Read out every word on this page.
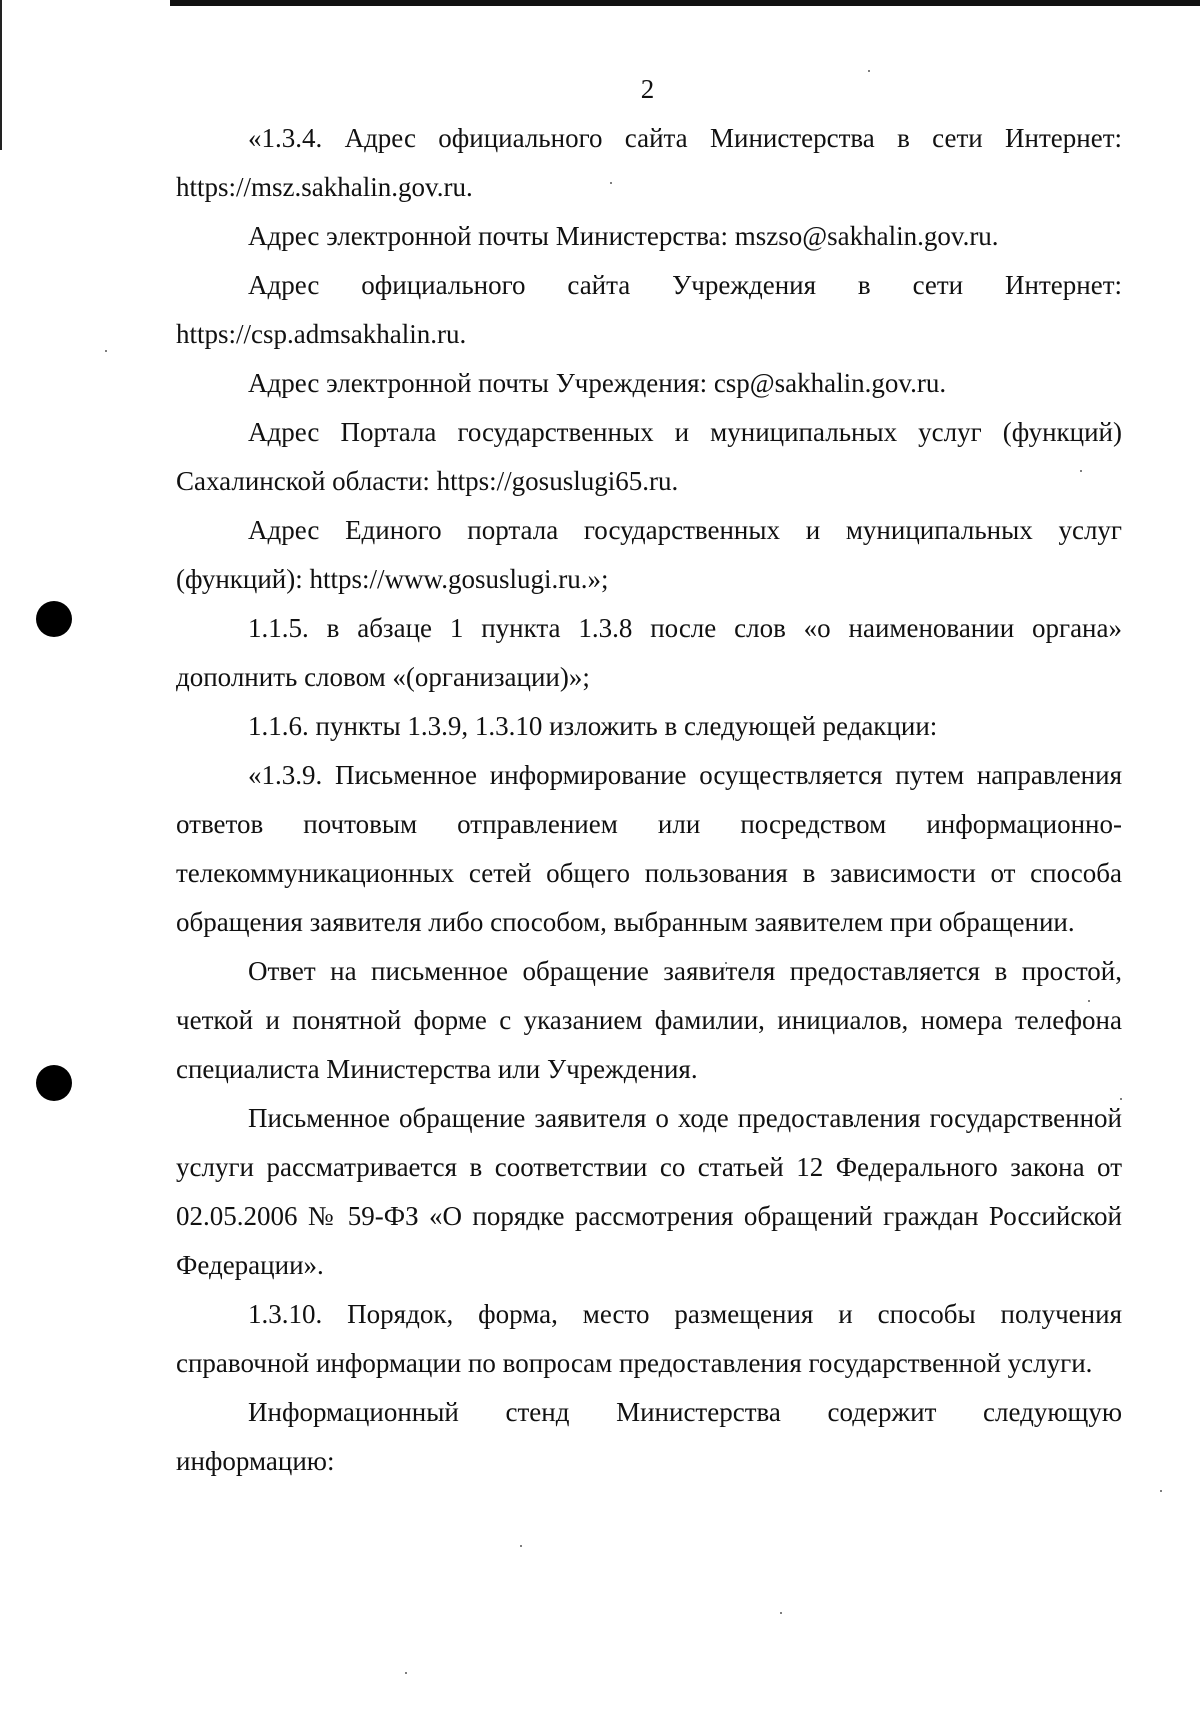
2

«1.3.4. Адрес официального сайта Министерства в сети Интернет: https://msz.sakhalin.gov.ru.

Адрес электронной почты Министерства: mszso@sakhalin.gov.ru.

Адрес официального сайта Учреждения в сети Интернет: https://csp.admsakhalin.ru.

Адрес электронной почты Учреждения: csp@sakhalin.gov.ru.

Адрес Портала государственных и муниципальных услуг (функций) Сахалинской области: https://gosuslugi65.ru.

Адрес Единого портала государственных и муниципальных услуг (функций): https://www.gosuslugi.ru.»;

1.1.5. в абзаце 1 пункта 1.3.8 после слов «о наименовании органа» дополнить словом «(организации)»;

1.1.6. пункты 1.3.9, 1.3.10 изложить в следующей редакции:

«1.3.9. Письменное информирование осуществляется путем направления ответов почтовым отправлением или посредством информационно-телекоммуникационных сетей общего пользования в зависимости от способа обращения заявителя либо способом, выбранным заявителем при обращении.

Ответ на письменное обращение заявителя предоставляется в простой, четкой и понятной форме с указанием фамилии, инициалов, номера телефона специалиста Министерства или Учреждения.

Письменное обращение заявителя о ходе предоставления государственной услуги рассматривается в соответствии со статьей 12 Федерального закона от 02.05.2006 № 59-ФЗ «О порядке рассмотрения обращений граждан Российской Федерации».

1.3.10. Порядок, форма, место размещения и способы получения справочной информации по вопросам предоставления государственной услуги.

Информационный стенд Министерства содержит следующую информацию:
